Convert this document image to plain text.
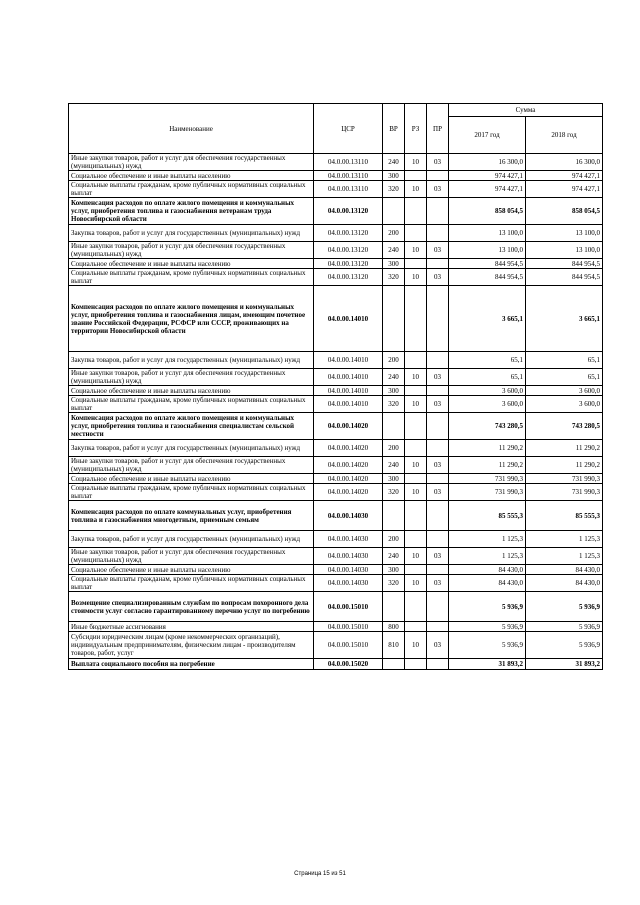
Наименование	ЦСР	ВР	РЗ	ПР	Сумма	
					2017 год	2018 год
Иные закупки товаров, работ и услуг для обеспечения государственных (муниципальных) нужд	04.0.00.13110	240	10	03	16 300,0	16 300,0
Социальное обеспечение и иные выплаты населению	04.0.00.13110	300			974 427,1	974 427,1
Социальные выплаты гражданам, кроме публичных нормативных социальных выплат	04.0.00.13110	320	10	03	974 427,1	974 427,1
Компенсация расходов по оплате жилого помещения и коммунальных услуг, приобретения топлива и газоснабжения ветеранам труда Новосибирской области	04.0.00.13120				858 054,5	858 054,5
Закупка товаров, работ и услуг для государственных (муниципальных) нужд	04.0.00.13120	200			13 100,0	13 100,0
Иные закупки товаров, работ и услуг для обеспечения государственных (муниципальных) нужд	04.0.00.13120	240	10	03	13 100,0	13 100,0
Социальное обеспечение и иные выплаты населению	04.0.00.13120	300			844 954,5	844 954,5
Социальные выплаты гражданам, кроме публичных нормативных социальных выплат	04.0.00.13120	320	10	03	844 954,5	844 954,5
Компенсация расходов по оплате жилого помещения и коммунальных услуг, приобретения топлива и газоснабжения лицам, имеющим почетное звание Российской Федерации, РСФСР или СССР, проживающих на территории Новосибирской области	04.0.00.14010				3 665,1	3 665,1
Закупка товаров, работ и услуг для государственных (муниципальных) нужд	04.0.00.14010	200			65,1	65,1
Иные закупки товаров, работ и услуг для обеспечения государственных (муниципальных) нужд	04.0.00.14010	240	10	03	65,1	65,1
Социальное обеспечение и иные выплаты населению	04.0.00.14010	300			3 600,0	3 600,0
Социальные выплаты гражданам, кроме публичных нормативных социальных выплат	04.0.00.14010	320	10	03	3 600,0	3 600,0
Компенсация расходов по оплате жилого помещения и коммунальных услуг, приобретения топлива и газоснабжения специалистам сельской местности	04.0.00.14020				743 280,5	743 280,5
Закупка товаров, работ и услуг для государственных (муниципальных) нужд	04.0.00.14020	200			11 290,2	11 290,2
Иные закупки товаров, работ и услуг для обеспечения государственных (муниципальных) нужд	04.0.00.14020	240	10	03	11 290,2	11 290,2
Социальное обеспечение и иные выплаты населению	04.0.00.14020	300			731 990,3	731 990,3
Социальные выплаты гражданам, кроме публичных нормативных социальных выплат	04.0.00.14020	320	10	03	731 990,3	731 990,3
Компенсация расходов по оплате коммунальных услуг, приобретения топлива и газоснабжения многодетным, приемным семьям	04.0.00.14030				85 555,3	85 555,3
Закупка товаров, работ и услуг для государственных (муниципальных) нужд	04.0.00.14030	200			1 125,3	1 125,3
Иные закупки товаров, работ и услуг для обеспечения государственных (муниципальных) нужд	04.0.00.14030	240	10	03	1 125,3	1 125,3
Социальное обеспечение и иные выплаты населению	04.0.00.14030	300			84 430,0	84 430,0
Социальные выплаты гражданам, кроме публичных нормативных социальных выплат	04.0.00.14030	320	10	03	84 430,0	84 430,0
Возмещение специализированным службам по вопросам похоронного дела стоимости услуг согласно гарантированному перечню услуг по погребению	04.0.00.15010				5 936,9	5 936,9
Иные бюджетные ассигнования	04.0.00.15010	800			5 936,9	5 936,9
Субсидии юридическим лицам (кроме некоммерческих организаций), индивидуальным предпринимателям, физическим лицам - производителям товаров, работ, услуг	04.0.00.15010	810	10	03	5 936,9	5 936,9
Выплата социального пособия на погребение	04.0.00.15020				31 893,2	31 893,2
Страница 15 из 51
